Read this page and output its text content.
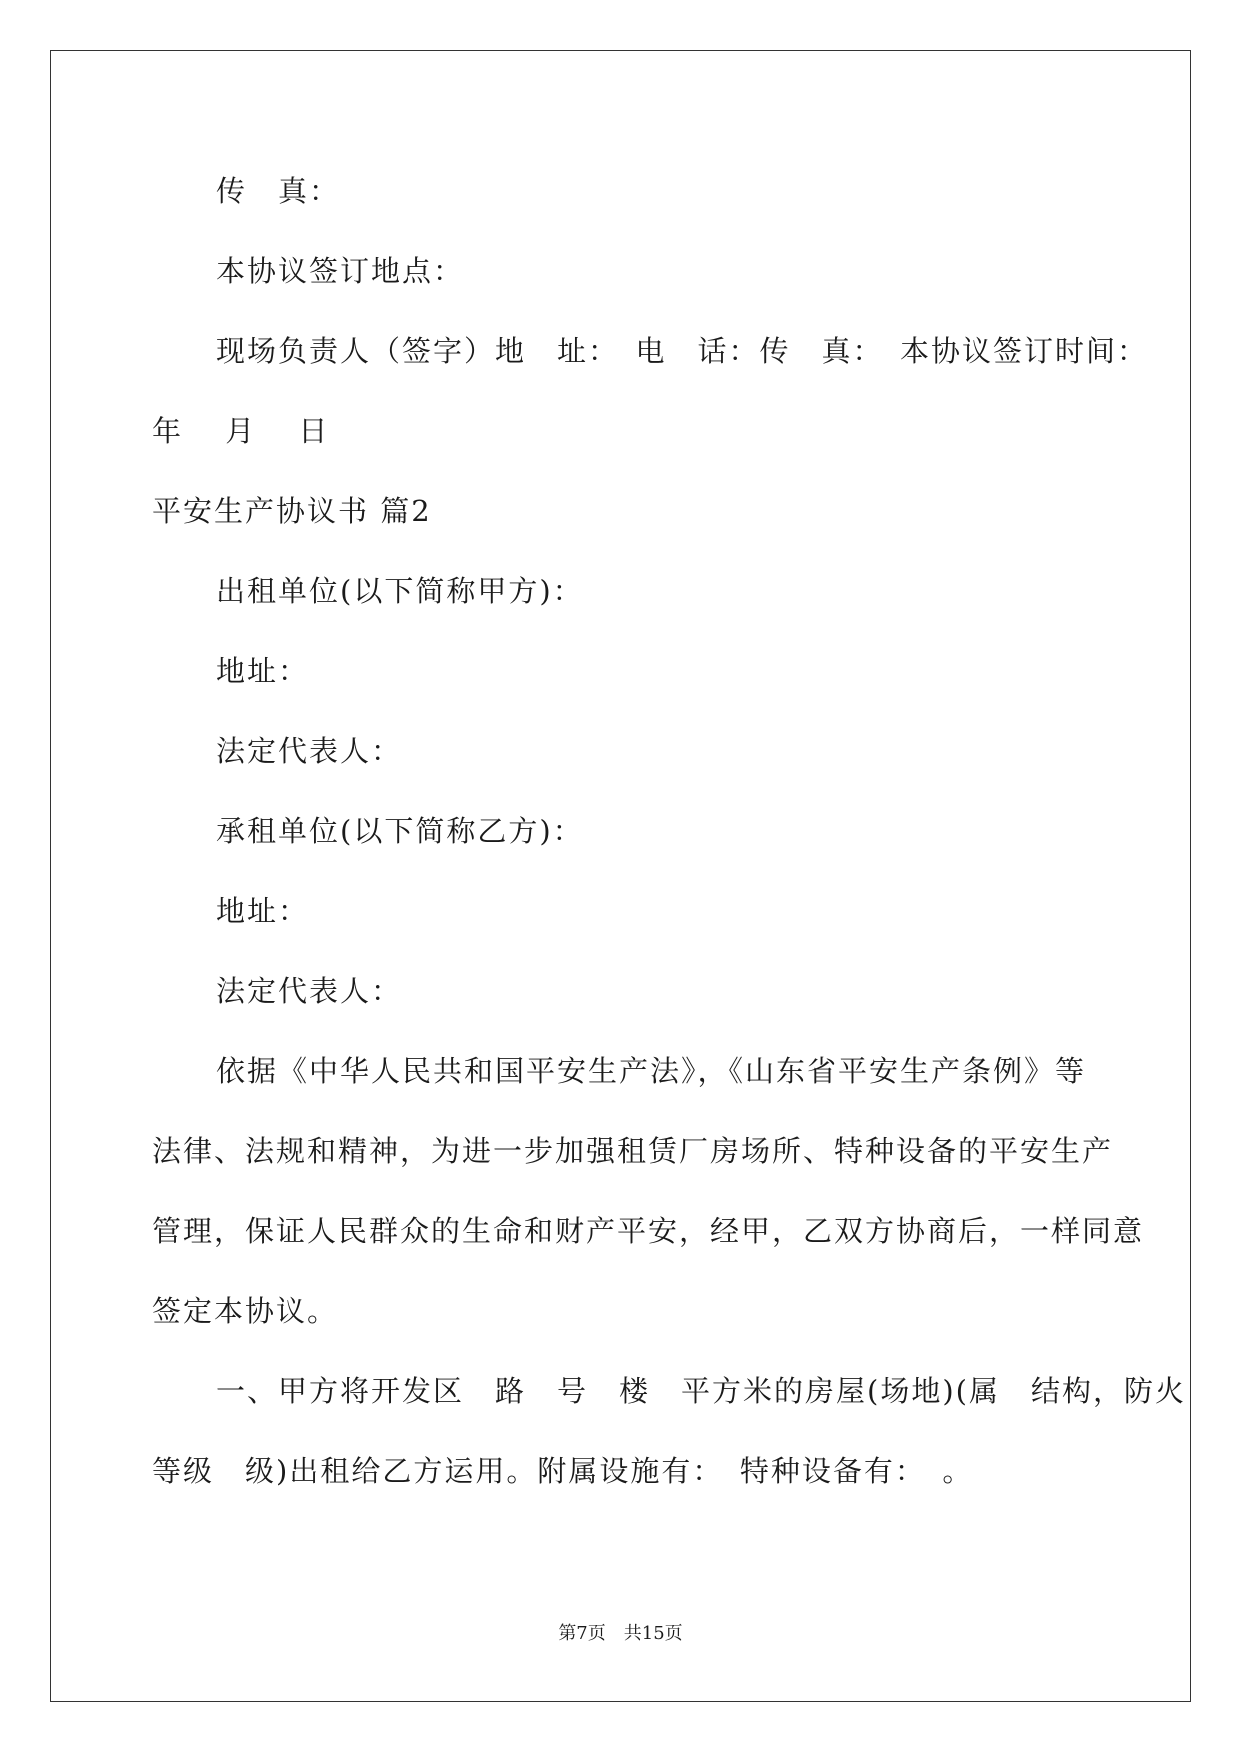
传　真：
本协议签订地点：
现场负责人（签字）地　址：　电　话：传　真：　本协议签订时间：
年　 月　 日
平安生产协议书 篇2
出租单位(以下简称甲方)：
地址：
法定代表人：
承租单位(以下简称乙方)：
地址：
法定代表人：
依据《中华人民共和国平安生产法》，《山东省平安生产条例》等
法律、法规和精神，为进一步加强租赁厂房场所、特种设备的平安生产
管理，保证人民群众的生命和财产平安，经甲，乙双方协商后，一样同意
签定本协议。
一、甲方将开发区　路　号　楼　平方米的房屋(场地)(属　结构，防火
等级　级)出租给乙方运用。附属设施有：　特种设备有：　。
第7页　共15页
